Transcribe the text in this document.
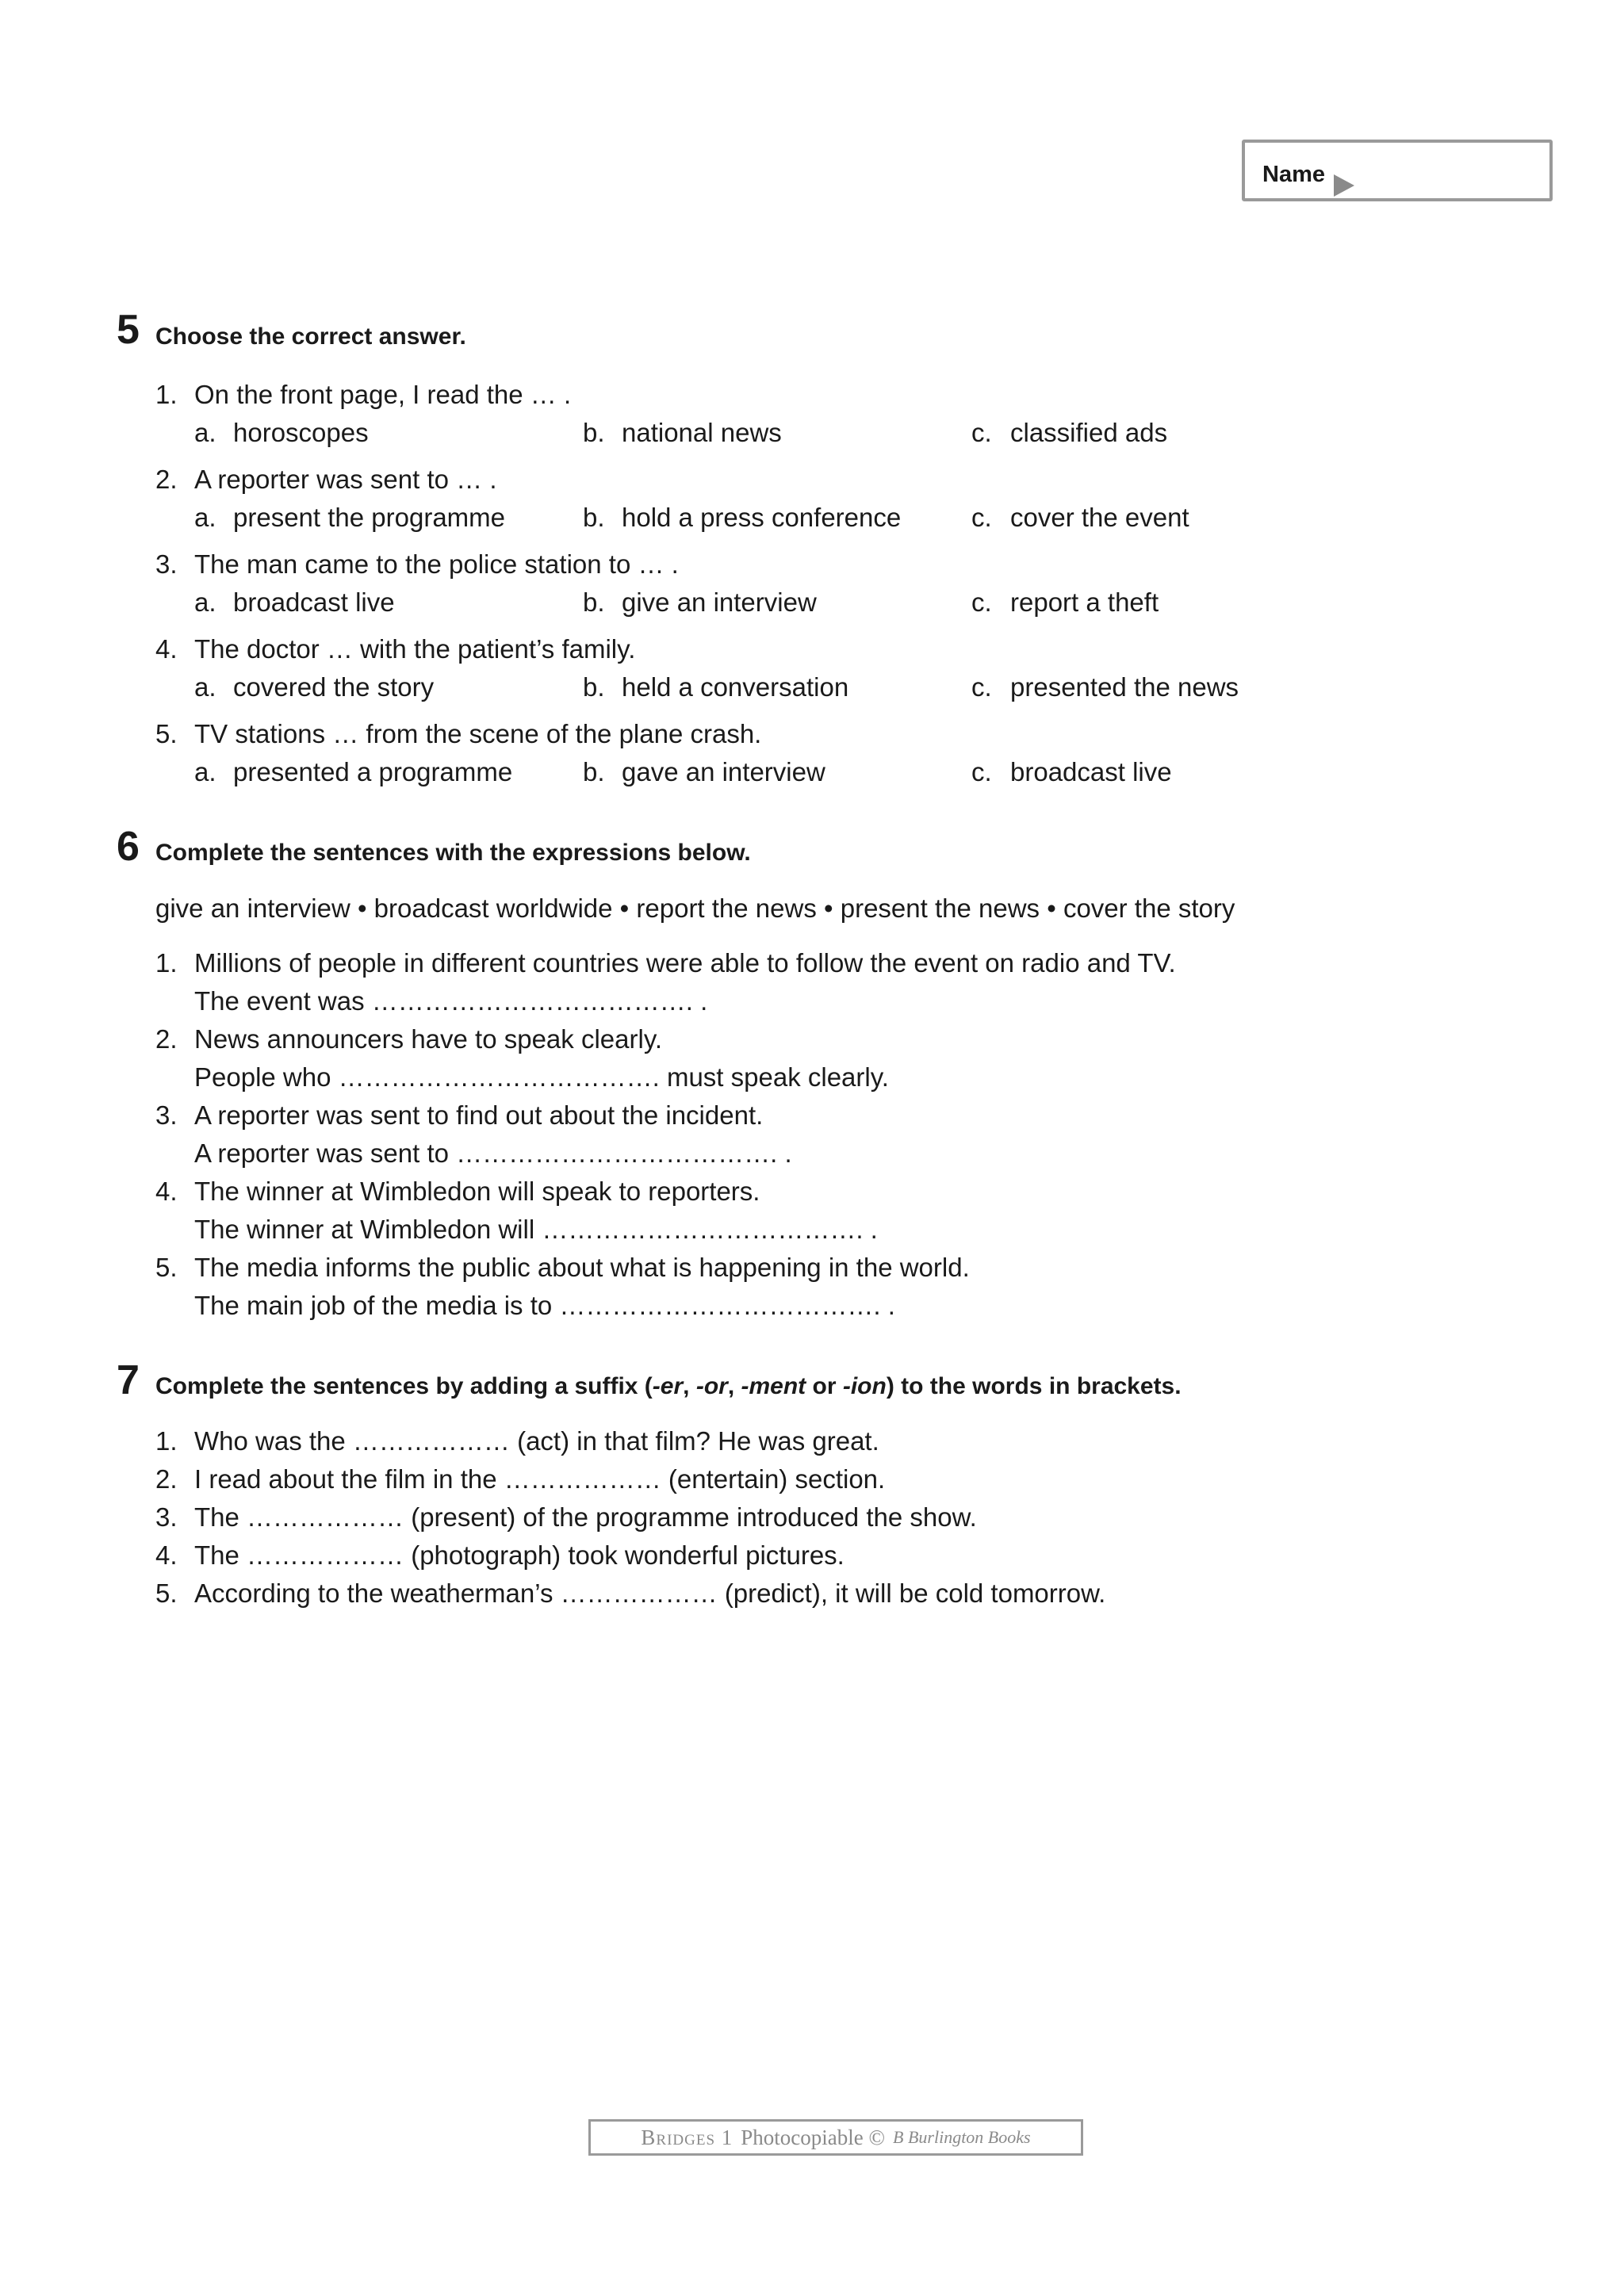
Name
5 Choose the correct answer.
1. On the front page, I read the … .
a. horoscopes	b. national news	c. classified ads
2. A reporter was sent to … .
a. present the programme	b. hold a press conference	c. cover the event
3. The man came to the police station to … .
a. broadcast live	b. give an interview	c. report a theft
4. The doctor … with the patient’s family.
a. covered the story	b. held a conversation	c. presented the news
5. TV stations … from the scene of the plane crash.
a. presented a programme	b. gave an interview	c. broadcast live
6 Complete the sentences with the expressions below.
give an interview • broadcast worldwide • report the news • present the news • cover the story
1. Millions of people in different countries were able to follow the event on radio and TV.
The event was ………………………………. .
2. News announcers have to speak clearly.
People who ………………………………. must speak clearly.
3. A reporter was sent to find out about the incident.
A reporter was sent to ………………………………. .
4. The winner at Wimbledon will speak to reporters.
The winner at Wimbledon will ………………………………. .
5. The media informs the public about what is happening in the world.
The main job of the media is to ………………………………. .
7 Complete the sentences by adding a suffix (-er, -or, -ment or -ion) to the words in brackets.
1. Who was the ……………… (act) in that film? He was great.
2. I read about the film in the ……………… (entertain) section.
3. The ……………… (present) of the programme introduced the show.
4. The ……………… (photograph) took wonderful pictures.
5. According to the weatherman’s ……………… (predict), it will be cold tomorrow.
Bridges 1 Photocopiable © B Burlington Books
